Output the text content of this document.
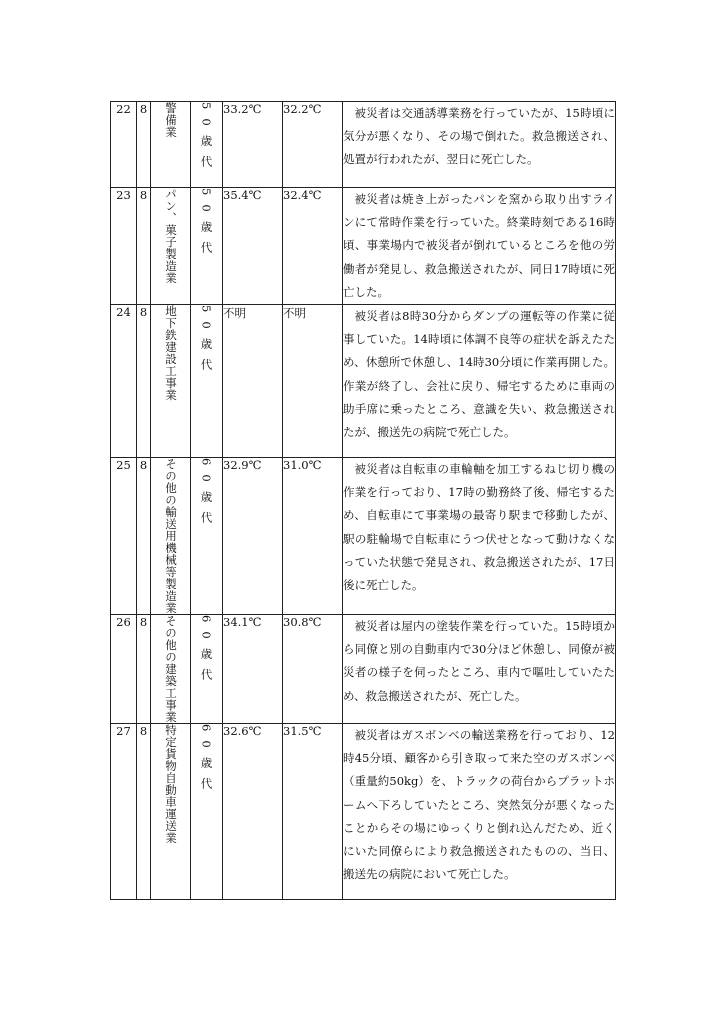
22	8	警備業	50歳代	33.2℃	32.2℃	被災者は交通誘導業務を行っていたが、15時頃に気分が悪くなり、その場で倒れた。救急搬送され、処置が行われたが、翌日に死亡した。

23	8	パン、菓子製造業	50歳代	35.4℃	32.4℃	被災者は焼き上がったパンを窯から取り出すラインにて常時作業を行っていた。終業時刻である16時頃、事業場内で被災者が倒れているところを他の労働者が発見し、救急搬送されたが、同日17時頃に死亡した。

24	8	地下鉄建設工事業	50歳代	不明	不明	被災者は8時30分からダンプの運転等の作業に従事していた。14時頃に体調不良等の症状を訴えたため、休憩所で休憩し、14時30分頃に作業再開した。作業が終了し、会社に戻り、帰宅するために車両の助手席に乗ったところ、意識を失い、救急搬送されたが、搬送先の病院で死亡した。

25	8	その他の輸送用機械等製造業	60歳代	32.9℃	31.0℃	被災者は自転車の車輪軸を加工するねじ切り機の作業を行っており、17時の勤務終了後、帰宅するため、自転車にて事業場の最寄り駅まで移動したが、駅の駐輪場で自転車にうつ伏せとなって動けなくなっていた状態で発見され、救急搬送されたが、17日後に死亡した。

26	8	その他の建築工事業	60歳代	34.1℃	30.8℃	被災者は屋内の塗装作業を行っていた。15時頃から同僚と別の自動車内で30分ほど休憩し、同僚が被災者の様子を伺ったところ、車内で嘔吐していたため、救急搬送されたが、死亡した。

27	8	特定貨物自動車運送業	60歳代	32.6℃	31.5℃	被災者はガスボンベの輸送業務を行っており、12時45分頃、顧客から引き取って来た空のガスボンベ（重量約50kg）を、トラックの荷台からプラットホームへ下ろしていたところ、突然気分が悪くなったことからその場にゆっくりと倒れ込んだため、近くにいた同僚らにより救急搬送されたものの、当日、搬送先の病院において死亡した。
